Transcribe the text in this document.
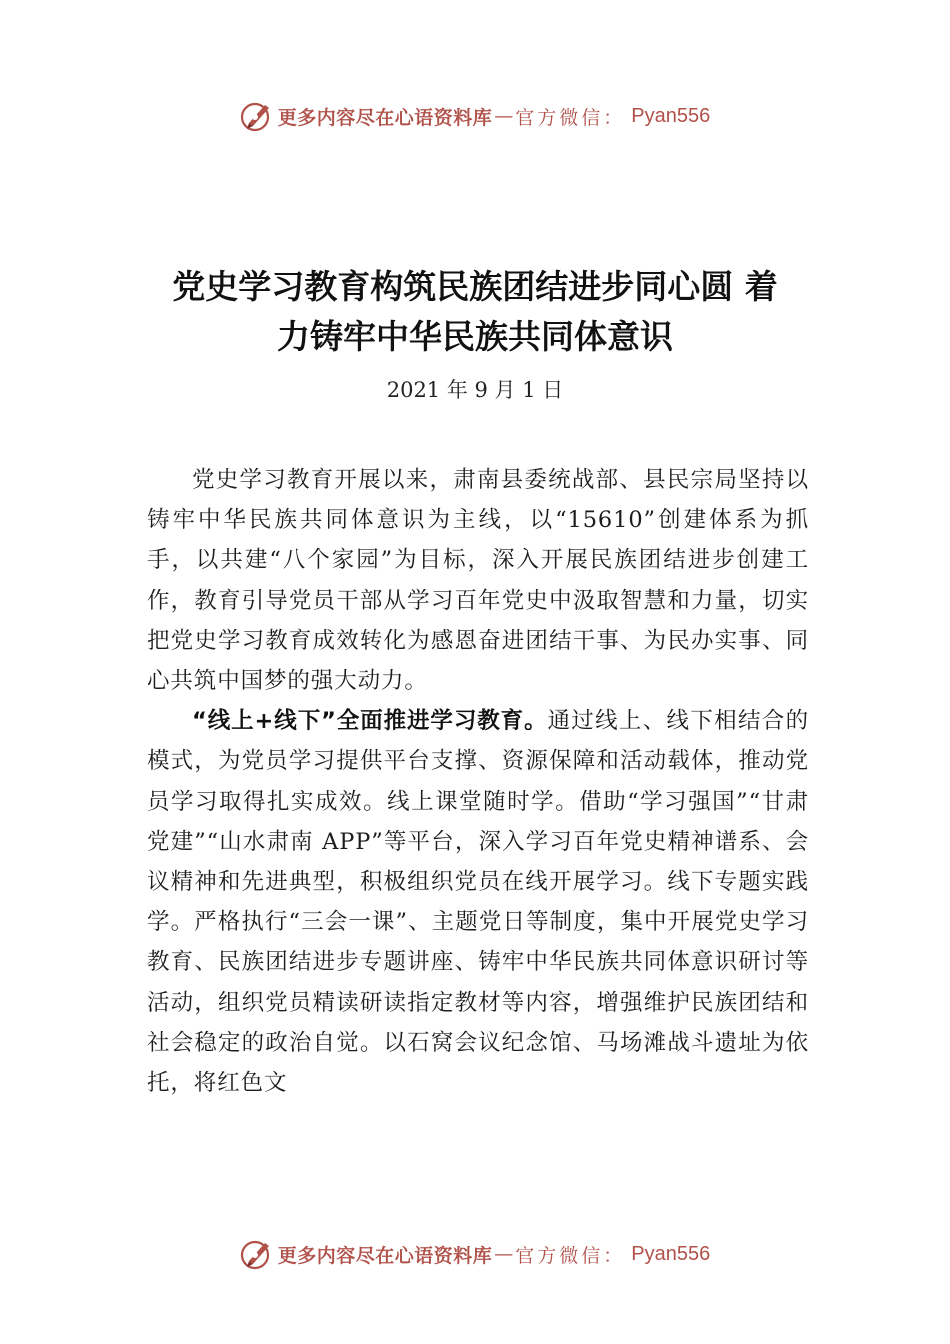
更多内容尽在心语资料库 — 官方微信： Pyan556
党史学习教育构筑民族团结进步同心圆 着
力铸牢中华民族共同体意识
2021 年 9 月 1 日

党史学习教育开展以来，肃南县委统战部、县民宗局坚持以铸牢中华民族共同体意识为主线，以“15610”创建体系为抓手，以共建“八个家园”为目标，深入开展民族团结进步创建工作，教育引导党员干部从学习百年党史中汲取智慧和力量，切实把党史学习教育成效转化为感恩奋进团结干事、为民办实事、同心共筑中国梦的强大动力。

“线上+线下”全面推进学习教育。通过线上、线下相结合的模式，为党员学习提供平台支撑、资源保障和活动载体，推动党员学习取得扎实成效。线上课堂随时学。借助“学习强国”“甘肃党建”“山水肃南 APP”等平台，深入学习百年党史精神谱系、会议精神和先进典型，积极组织党员在线开展学习。线下专题实践学。严格执行“三会一课”、主题党日等制度，集中开展党史学习教育、民族团结进步专题讲座、铸牢中华民族共同体意识研讨等活动，组织党员精读研读指定教材等内容，增强维护民族团结和社会稳定的政治自觉。以石窝会议纪念馆、马场滩战斗遗址为依托，将红色文

更多内容尽在心语资料库 — 官方微信： Pyan556
